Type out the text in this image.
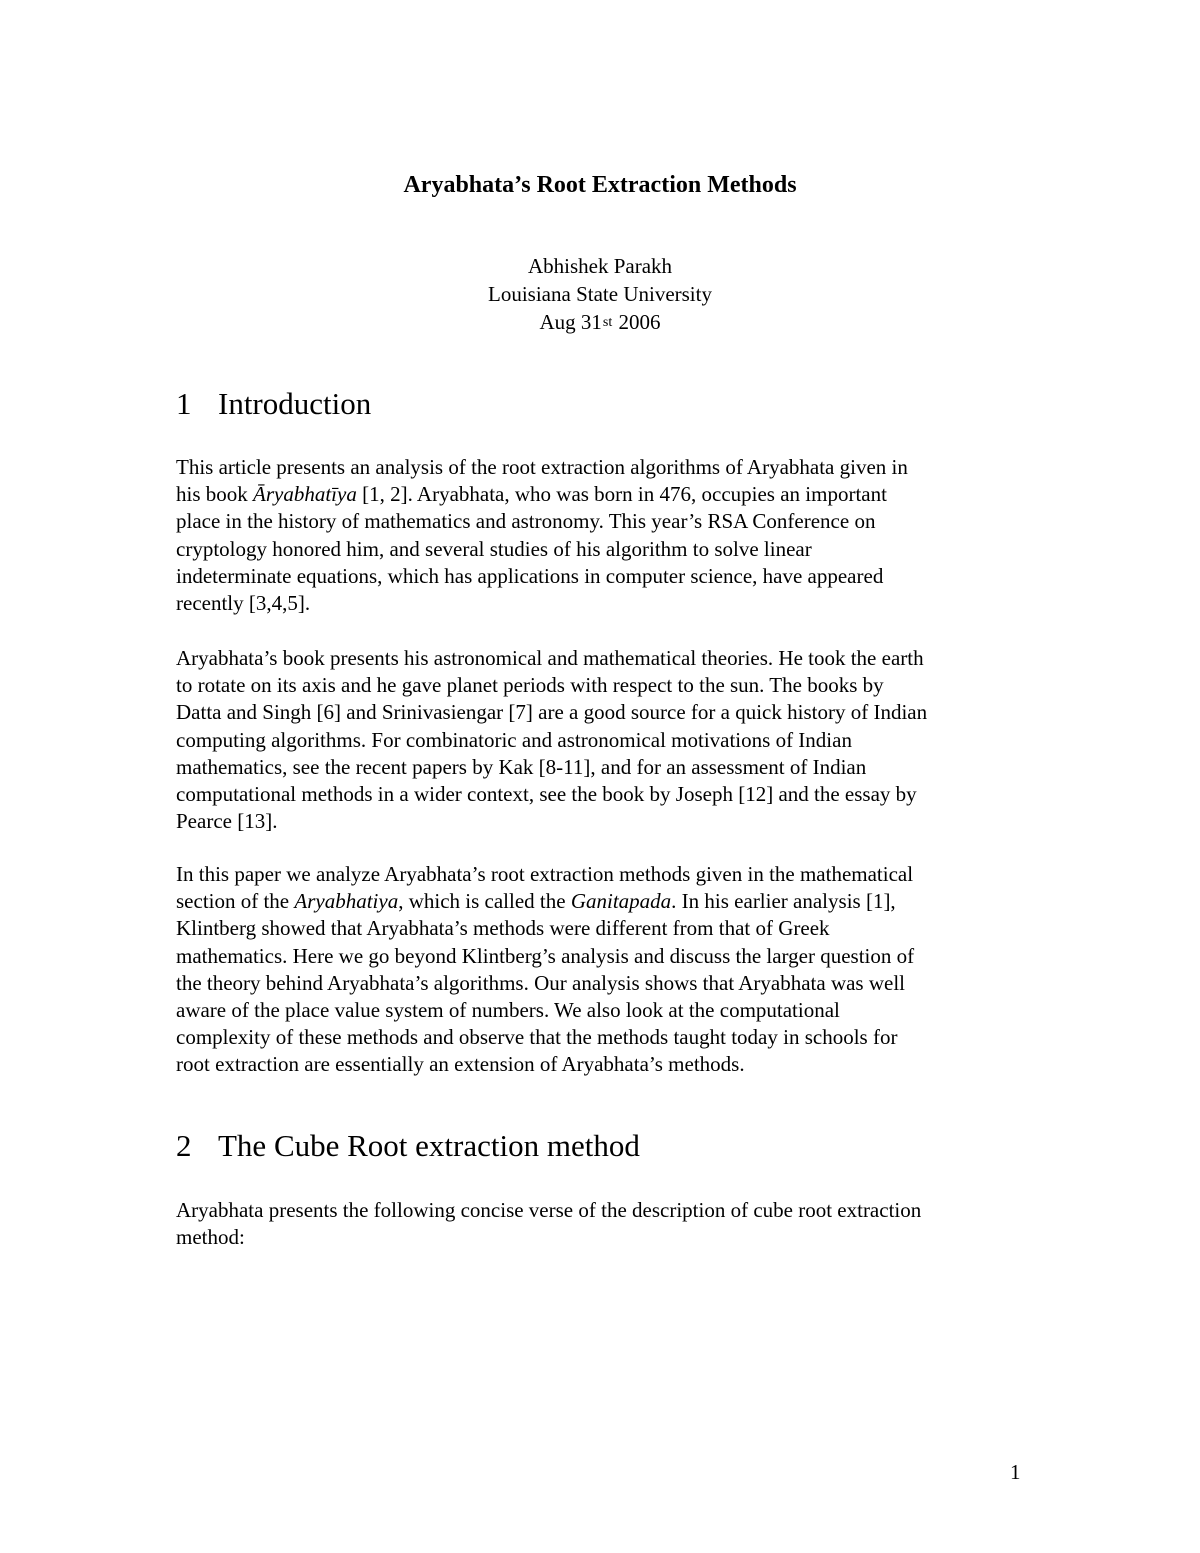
Aryabhata’s Root Extraction Methods
Abhishek Parakh
Louisiana State University
Aug 31st 2006
1 Introduction
This article presents an analysis of the root extraction algorithms of Aryabhata given in
his book Āryabhatīya [1, 2]. Aryabhata, who was born in 476, occupies an important
place in the history of mathematics and astronomy. This year’s RSA Conference on
cryptology honored him, and several studies of his algorithm to solve linear
indeterminate equations, which has applications in computer science, have appeared
recently [3,4,5].
Aryabhata’s book presents his astronomical and mathematical theories. He took the earth
to rotate on its axis and he gave planet periods with respect to the sun. The books by
Datta and Singh [6] and Srinivasiengar [7] are a good source for a quick history of Indian
computing algorithms. For combinatoric and astronomical motivations of Indian
mathematics, see the recent papers by Kak [8-11], and for an assessment of Indian
computational methods in a wider context, see the book by Joseph [12] and the essay by
Pearce [13].
In this paper we analyze Aryabhata’s root extraction methods given in the mathematical
section of the Aryabhatiya, which is called the Ganitapada. In his earlier analysis [1],
Klintberg showed that Aryabhata’s methods were different from that of Greek
mathematics. Here we go beyond Klintberg’s analysis and discuss the larger question of
the theory behind Aryabhata’s algorithms. Our analysis shows that Aryabhata was well
aware of the place value system of numbers. We also look at the computational
complexity of these methods and observe that the methods taught today in schools for
root extraction are essentially an extension of Aryabhata’s methods.
2 The Cube Root extraction method
Aryabhata presents the following concise verse of the description of cube root extraction
method:
1
